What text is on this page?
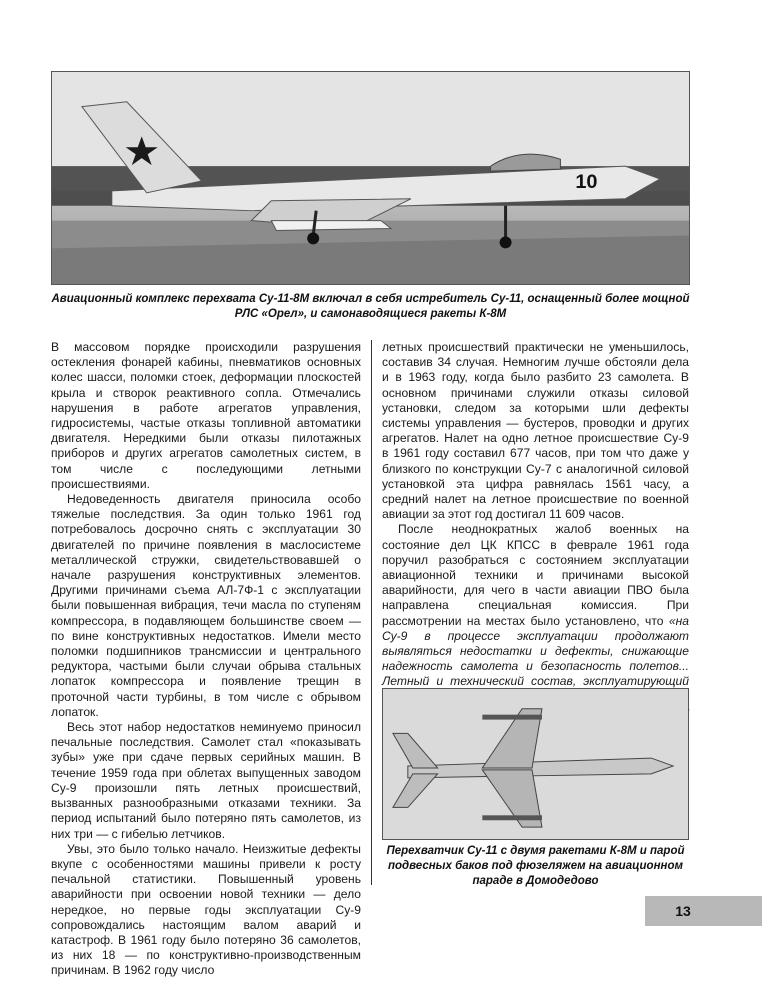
10
Авиационный комплекс перехвата Су-11-8М включал в себя истребитель Су-11, оснащенный более мощной РЛС «Орел», и самонаводящиеся ракеты К-8М

В массовом порядке происходили разрушения остекления фонарей кабины, пневматиков основных колес шасси, поломки стоек, деформации плоскостей крыла и створок реактивного сопла. Отмечались нарушения в работе агрегатов управления, гидросистемы, частые отказы топливной автоматики двигателя. Нередкими были отказы пилотажных приборов и других агрегатов самолетных систем, в том числе с последующими летными происшествиями.

Недоведенность двигателя приносила особо тяжелые последствия. За один только 1961 год потребовалось досрочно снять с эксплуатации 30 двигателей по причине появления в маслосистеме металлической стружки, свидетельствовавшей о начале разрушения конструктивных элементов. Другими причинами съема АЛ-7Ф-1 с эксплуатации были повышенная вибрация, течи масла по ступеням компрессора, в подавляющем большинстве своем — по вине конструктивных недостатков. Имели место поломки подшипников трансмиссии и центрального редуктора, частыми были случаи обрыва стальных лопаток компрессора и появление трещин в проточной части турбины, в том числе с обрывом лопаток.

Весь этот набор недостатков неминуемо приносил печальные последствия. Самолет стал «показывать зубы» уже при сдаче первых серийных машин. В течение 1959 года при облетах выпущенных заводом Су-9 произошли пять летных происшествий, вызванных разнообразными отказами техники. За период испытаний было потеряно пять самолетов, из них три — с гибелью летчиков.

Увы, это было только начало. Неизжитые дефекты вкупе с особенностями машины привели к росту печальной статистики. Повышенный уровень аварийности при освоении новой техники — дело нередкое, но первые годы эксплуатации Су-9 сопровождались настоящим валом аварий и катастроф. В 1961 году было потеряно 36 самолетов, из них 18 — по конструктивно-производственным причинам. В 1962 году число

летных происшествий практически не уменьшилось, составив 34 случая. Немногим лучше обстояли дела и в 1963 году, когда было разбито 23 самолета. В основном причинами служили отказы силовой установки, следом за которыми шли дефекты системы управления — бустеров, проводки и других агрегатов. Налет на одно летное происшествие Су-9 в 1961 году составил 677 часов, при том что даже у близкого по конструкции Су-7 с аналогичной силовой установкой эта цифра равнялась 1561 часу, а средний налет на летное происшествие по военной авиации за этот год достигал 11 609 часов.

После неоднократных жалоб военных на состояние дел ЦК КПСС в феврале 1961 года поручил разобраться с состоянием эксплуатации авиационной техники и причинами высокой аварийности, для чего в части авиации ПВО была направлена специальная комиссия. При рассмотрении на местах было установлено, что «на Су-9 в процессе эксплуатации продолжают выявляться недостатки и дефекты, снижающие надежность самолета и безопасность полетов... Летный и технический состав, эксплуатирующий

Перехватчик Су-11 с двумя ракетами К-8М и парой подвесных баков под фюзеляжем на авиационном параде в Домодедово
13
